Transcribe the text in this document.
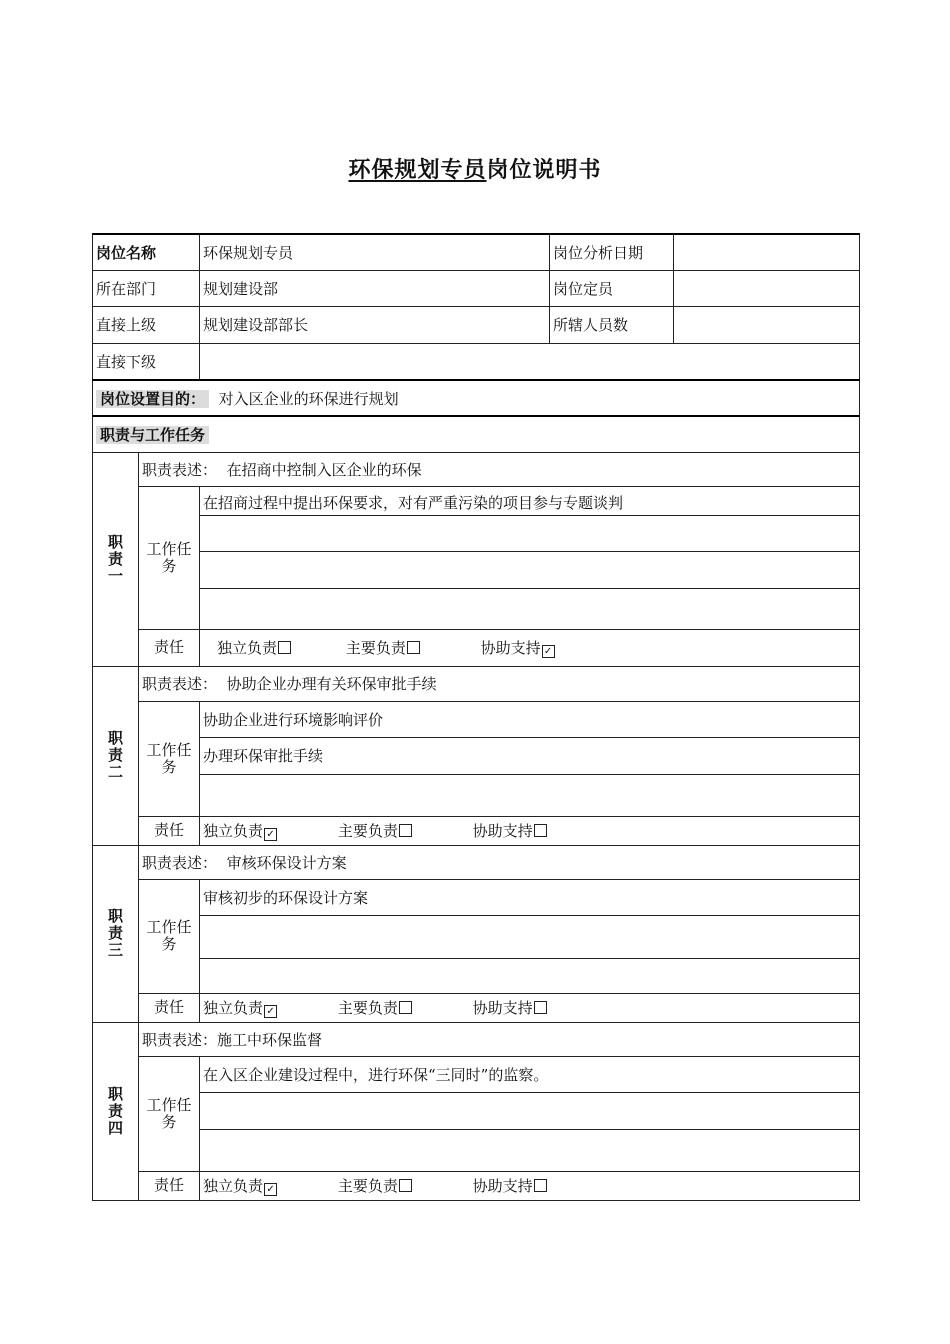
环保规划专员岗位说明书
岗位名称		环保规划专员	岗位分析日期	
所在部门		规划建设部	岗位定员	
直接上级		规划建设部部长	所辖人员数	
直接下级				
岗位设置目的： 对入区企业的环保进行规划				
职责与工作任务				
职责一	职责表述： 在招商中控制入区企业的环保			
	工作任务	在招商过程中提出环保要求，对有严重污染的项目参与专题谈判		

	责任	独立负责 主要负责 协助支持 ✓		
职责二	职责表述： 协助企业办理有关环保审批手续			
	工作任务	协助企业进行环境影响评价		
		办理环保审批手续		

	责任	独立负责 ✓ 主要负责 协助支持		
职责三	职责表述： 审核环保设计方案			
	工作任务	审核初步的环保设计方案		

	责任	独立负责 ✓ 主要负责 协助支持		
职责四	职责表述：施工中环保监督			
	工作任务	在入区企业建设过程中，进行环保“三同时”的监察。		

	责任	独立负责 ✓ 主要负责 协助支持		
